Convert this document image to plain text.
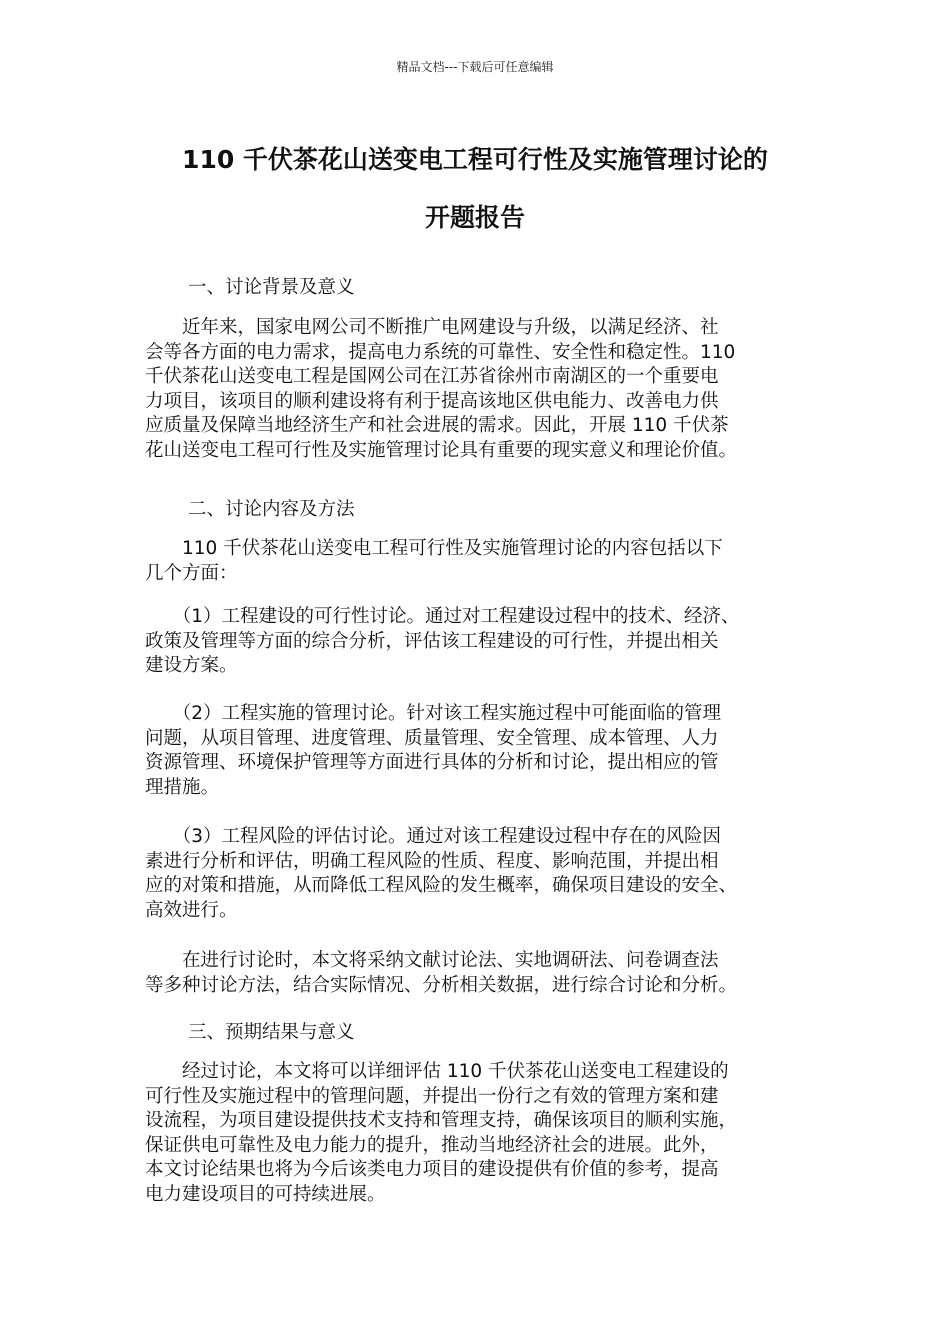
精品文档---下载后可任意编辑
110 千伏茶花山送变电工程可行性及实施管理讨论的
开题报告
一、讨论背景及意义
　　近年来，国家电网公司不断推广电网建设与升级，以满足经济、社
会等各方面的电力需求，提高电力系统的可靠性、安全性和稳定性。110
千伏茶花山送变电工程是国网公司在江苏省徐州市南湖区的一个重要电
力项目，该项目的顺利建设将有利于提高该地区供电能力、改善电力供
应质量及保障当地经济生产和社会进展的需求。因此，开展 110 千伏茶
花山送变电工程可行性及实施管理讨论具有重要的现实意义和理论价值。
二、讨论内容及方法
　　110 千伏茶花山送变电工程可行性及实施管理讨论的内容包括以下
几个方面：
　　（1）工程建设的可行性讨论。通过对工程建设过程中的技术、经济、
政策及管理等方面的综合分析，评估该工程建设的可行性，并提出相关
建设方案。
　　（2）工程实施的管理讨论。针对该工程实施过程中可能面临的管理
问题，从项目管理、进度管理、质量管理、安全管理、成本管理、人力
资源管理、环境保护管理等方面进行具体的分析和讨论，提出相应的管
理措施。
　　（3）工程风险的评估讨论。通过对该工程建设过程中存在的风险因
素进行分析和评估，明确工程风险的性质、程度、影响范围，并提出相
应的对策和措施，从而降低工程风险的发生概率，确保项目建设的安全、
高效进行。
　　在进行讨论时，本文将采纳文献讨论法、实地调研法、问卷调查法
等多种讨论方法，结合实际情况、分析相关数据，进行综合讨论和分析。
三、预期结果与意义
　　经过讨论，本文将可以详细评估 110 千伏茶花山送变电工程建设的
可行性及实施过程中的管理问题，并提出一份行之有效的管理方案和建
设流程，为项目建设提供技术支持和管理支持，确保该项目的顺利实施，
保证供电可靠性及电力能力的提升，推动当地经济社会的进展。此外，
本文讨论结果也将为今后该类电力项目的建设提供有价值的参考，提高
电力建设项目的可持续进展。
